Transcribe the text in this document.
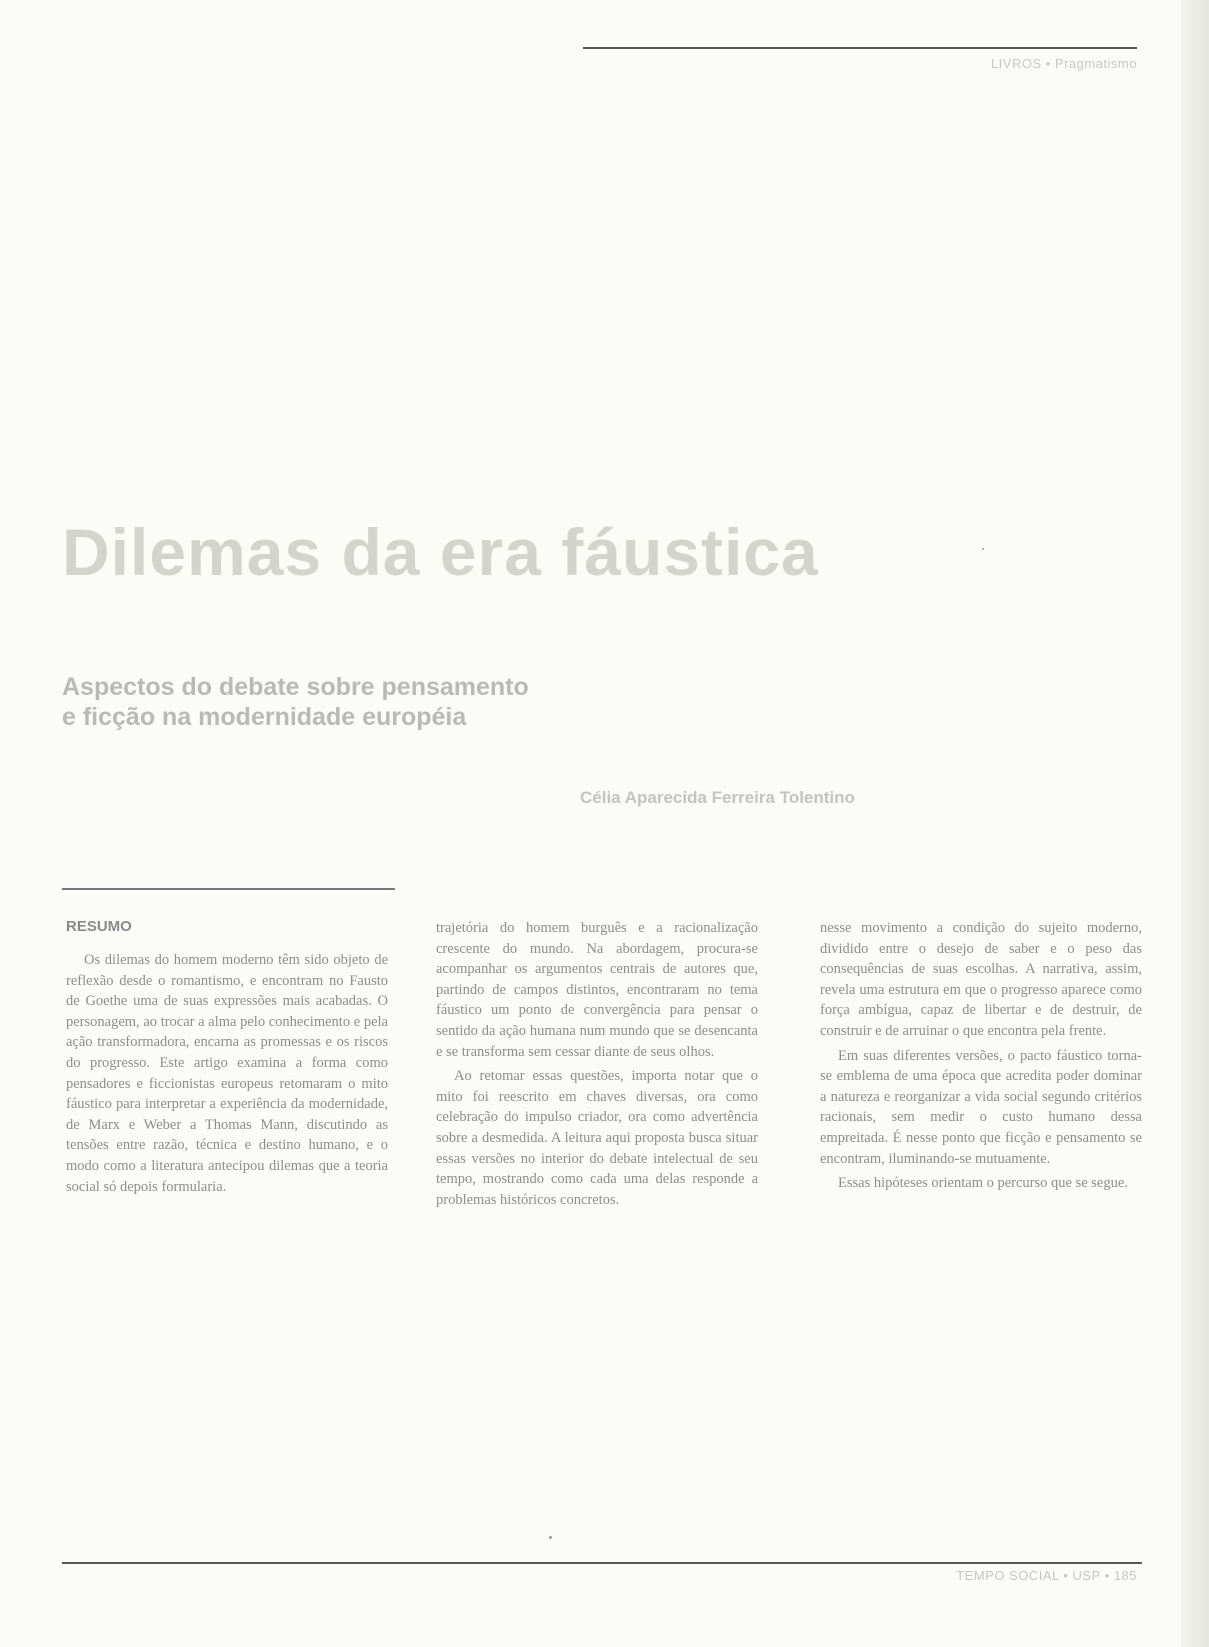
LIVROS • Pragmatismo
Dilemas da era fáustica
Aspectos do debate sobre pensamento
e ficção na modernidade européia
Célia Aparecida Ferreira Tolentino
RESUMO

Os dilemas do homem moderno têm sido objeto de reflexão desde o romantismo, e encontram no Fausto de Goethe uma de suas expressões mais acabadas. O personagem, ao trocar a alma pelo conhecimento e pela ação transformadora, encarna as promessas e os riscos do progresso. Este artigo examina a forma como pensadores e ficcionistas europeus retomaram o mito fáustico para interpretar a experiência da modernidade, de Marx e Weber a Thomas Mann, discutindo as tensões entre razão, técnica e destino humano, e o modo como a literatura antecipou dilemas que a teoria social só depois formularia.

trajetória do homem burguês e a racionalização crescente do mundo. Na abordagem, procura-se acompanhar os argumentos centrais de autores que, partindo de campos distintos, encontraram no tema fáustico um ponto de convergência para pensar o sentido da ação humana num mundo que se desencanta e se transforma sem cessar diante de seus olhos.

Ao retomar essas questões, importa notar que o mito foi reescrito em chaves diversas, ora como celebração do impulso criador, ora como advertência sobre a desmedida. A leitura aqui proposta busca situar essas versões no interior do debate intelectual de seu tempo, mostrando como cada uma delas responde a problemas históricos concretos.

nesse movimento a condição do sujeito moderno, dividido entre o desejo de saber e o peso das consequências de suas escolhas. A narrativa, assim, revela uma estrutura em que o progresso aparece como força ambígua, capaz de libertar e de destruir, de construir e de arruinar o que encontra pela frente.

Em suas diferentes versões, o pacto fáustico torna-se emblema de uma época que acredita poder dominar a natureza e reorganizar a vida social segundo critérios racionais, sem medir o custo humano dessa empreitada. É nesse ponto que ficção e pensamento se encontram, iluminando-se mutuamente.

Essas hipóteses orientam o percurso que se segue.

TEMPO SOCIAL • USP • 185
